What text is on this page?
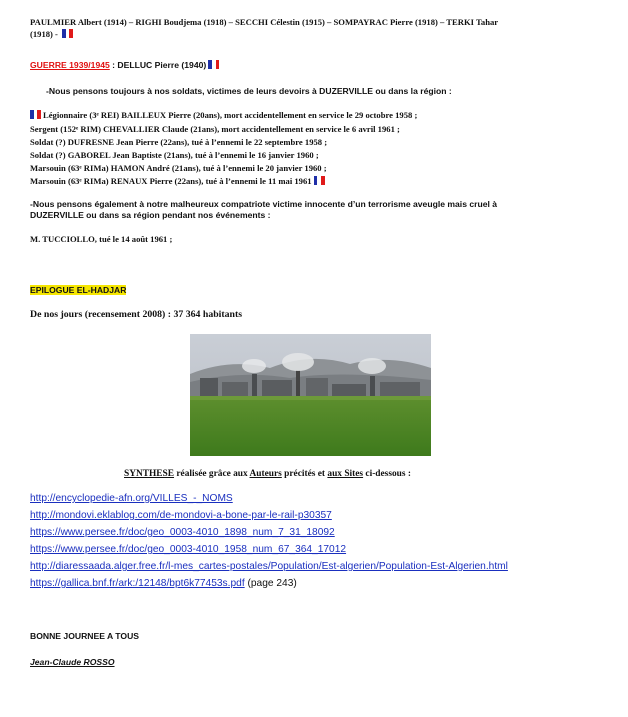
PAULMIER Albert (1914) – RIGHI Boudjema (1918) – SECCHI Célestin (1915) – SOMPAYRAC Pierre (1918) – TERKI Tahar
(1918) -
GUERRE 1939/1945 : DELLUC Pierre (1940)
-Nous pensons toujours à nos soldats, victimes de leurs devoirs à DUZERVILLE ou dans la région :
Légionnaire (3ᵉ REI) BAILLEUX Pierre (20ans), mort accidentellement en service le 29 octobre 1958 ;
Sergent (152ᵉ RIM) CHEVALLIER Claude (21ans), mort accidentellement en service le 6 avril 1961 ;
Soldat (?) DUFRESNE Jean Pierre (22ans), tué à l’ennemi le 22 septembre 1958 ;
Soldat (?) GABOREL Jean Baptiste (21ans), tué à l’ennemi le 16 janvier 1960 ;
Marsouin (63ᵉ RIMa) HAMON André (21ans), tué à l’ennemi le 20 janvier 1960 ;
Marsouin (63ᵉ RIMa) RENAUX Pierre (22ans), tué à l’ennemi le 11 mai 1961
-Nous pensons également à notre malheureux compatriote victime innocente d’un terrorisme aveugle mais cruel à
DUZERVILLE ou dans sa région pendant nos événements :
M. TUCCIOLLO, tué le 14 août 1961 ;
EPILOGUE EL-HADJAR
De nos jours (recensement 2008) : 37 364 habitants
SYNTHESE réalisée grâce aux Auteurs précités et aux Sites ci-dessous :
http://encyclopedie-afn.org/VILLES_-_NOMS
http://mondovi.eklablog.com/de-mondovi-a-bone-par-le-rail-p30357
https://www.persee.fr/doc/geo_0003-4010_1898_num_7_31_18092
https://www.persee.fr/doc/geo_0003-4010_1958_num_67_364_17012
http://diaressaada.alger.free.fr/l-mes_cartes-postales/Population/Est-algerien/Population-Est-Algerien.html
https://gallica.bnf.fr/ark:/12148/bpt6k77453s.pdf (page 243)
BONNE JOURNEE A TOUS
Jean-Claude ROSSO
